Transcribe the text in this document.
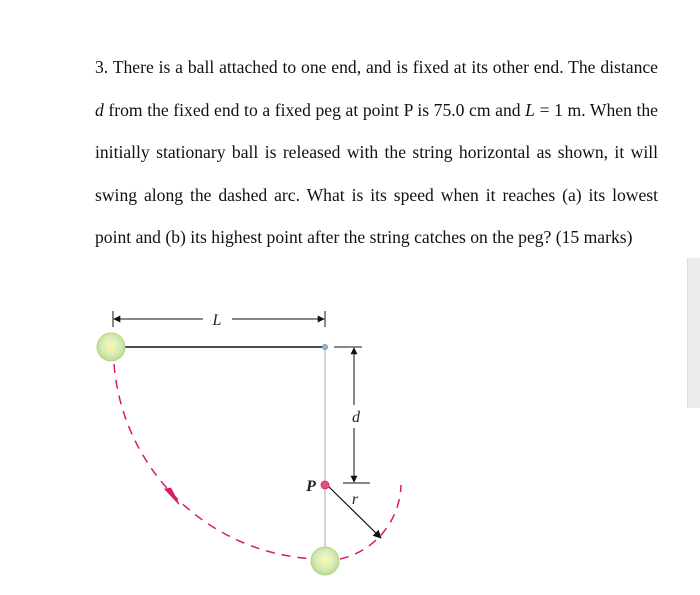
3. There is a ball attached to one end, and is fixed at its other end. The distance d from the fixed end to a fixed peg at point P is 75.0 cm and L = 1 m. When the initially stationary ball is released with the string horizontal as shown, it will swing along the dashed arc. What is its speed when it reaches (a) its lowest point and (b) its highest point after the string catches on the peg? (15 marks)

L
d
r
P
